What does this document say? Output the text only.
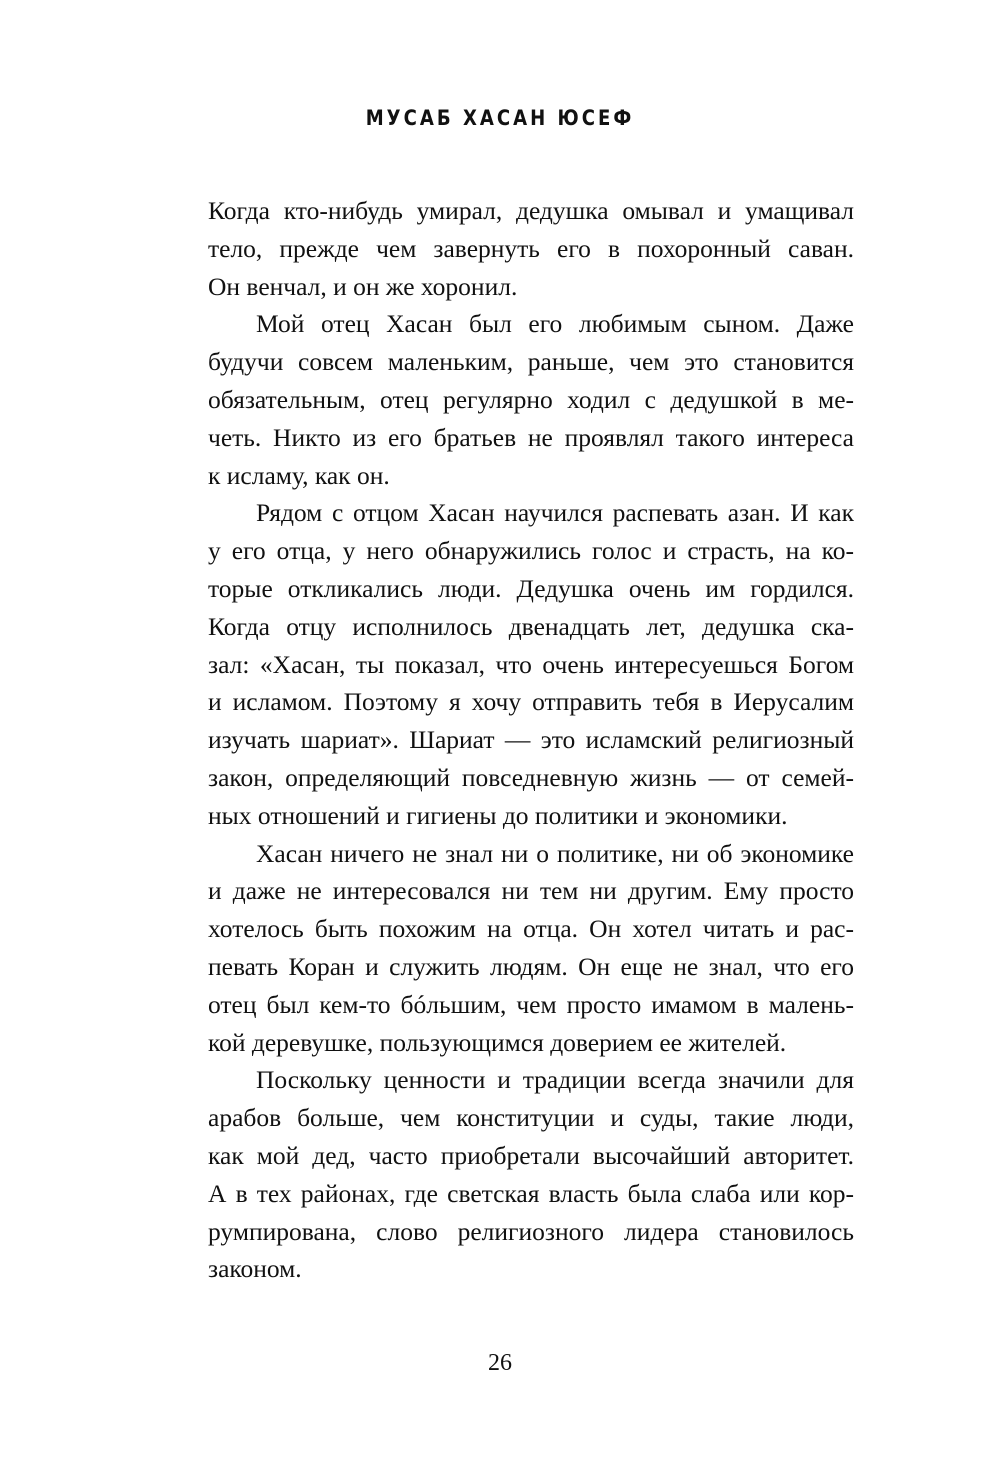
МУСАБ ХАСАН ЮСЕФ
Когда кто-нибудь умирал, дедушка омывал и умащивал
тело, прежде чем завернуть его в похоронный саван.
Он венчал, и он же хоронил.
Мой отец Хасан был его любимым сыном. Даже
будучи совсем маленьким, раньше, чем это становится
обязательным, отец регулярно ходил с дедушкой в ме-
четь. Никто из его братьев не проявлял такого интереса
к исламу, как он.
Рядом с отцом Хасан научился распевать азан. И как
у его отца, у него обнаружились голос и страсть, на ко-
торые откликались люди. Дедушка очень им гордился.
Когда отцу исполнилось двенадцать лет, дедушка ска-
зал: «Хасан, ты показал, что очень интересуешься Богом
и исламом. Поэтому я хочу отправить тебя в Иерусалим
изучать шариат». Шариат — это исламский религиозный
закон, определяющий повседневную жизнь — от семей-
ных отношений и гигиены до политики и экономики.
Хасан ничего не знал ни о политике, ни об экономике
и даже не интересовался ни тем ни другим. Ему просто
хотелось быть похожим на отца. Он хотел читать и рас-
певать Коран и служить людям. Он еще не знал, что его
отец был кем-то бóльшим, чем просто имамом в малень-
кой деревушке, пользующимся доверием ее жителей.
Поскольку ценности и традиции всегда значили для
арабов больше, чем конституции и суды, такие люди,
как мой дед, часто приобретали высочайший авторитет.
А в тех районах, где светская власть была слаба или кор-
румпирована, слово религиозного лидера становилось
законом.
26
